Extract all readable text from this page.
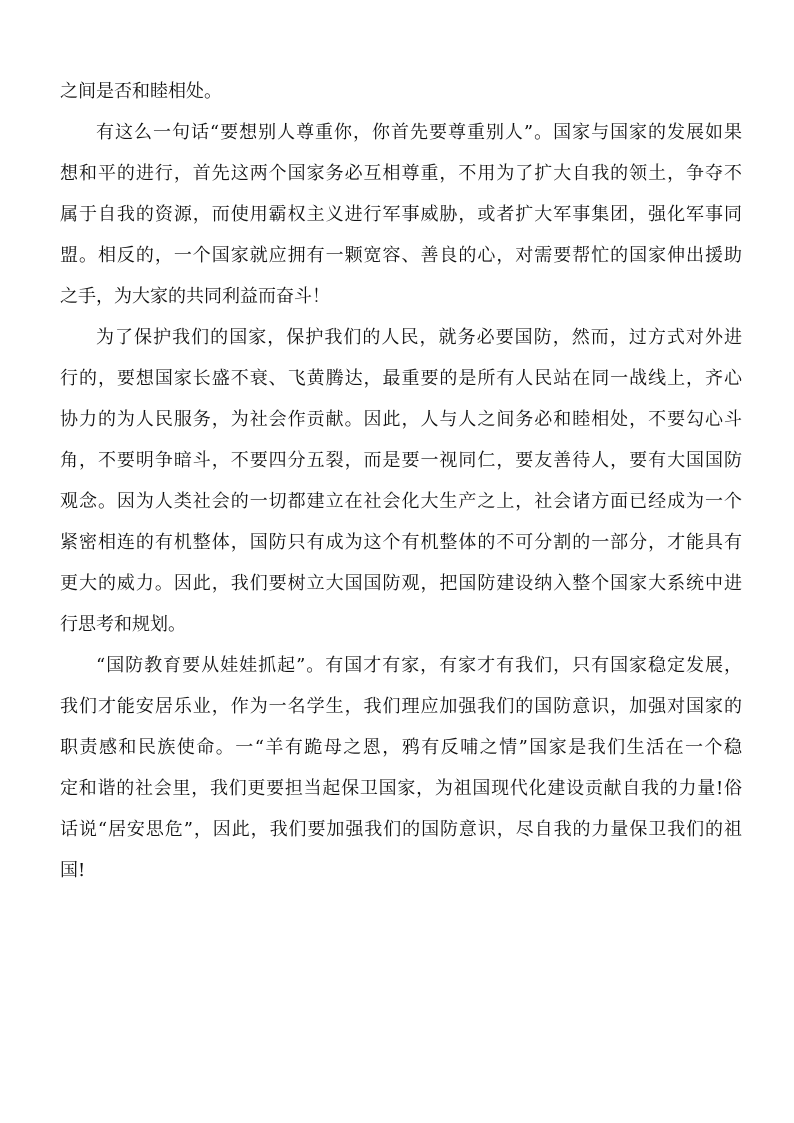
之间是否和睦相处。
有这么一句话“要想别人尊重你，你首先要尊重别人”。国家与国家的发展如果
想和平的进行，首先这两个国家务必互相尊重，不用为了扩大自我的领土，争夺不
属于自我的资源，而使用霸权主义进行军事威胁，或者扩大军事集团，强化军事同
盟。相反的，一个国家就应拥有一颗宽容、善良的心，对需要帮忙的国家伸出援助
之手，为大家的共同利益而奋斗！
为了保护我们的国家，保护我们的人民，就务必要国防，然而，过方式对外进
行的，要想国家长盛不衰、飞黄腾达，最重要的是所有人民站在同一战线上，齐心
协力的为人民服务，为社会作贡献。因此，人与人之间务必和睦相处，不要勾心斗
角，不要明争暗斗，不要四分五裂，而是要一视同仁，要友善待人，要有大国国防
观念。因为人类社会的一切都建立在社会化大生产之上，社会诸方面已经成为一个
紧密相连的有机整体，国防只有成为这个有机整体的不可分割的一部分，才能具有
更大的威力。因此，我们要树立大国国防观，把国防建设纳入整个国家大系统中进
行思考和规划。
“国防教育要从娃娃抓起”。有国才有家，有家才有我们，只有国家稳定发展，
我们才能安居乐业，作为一名学生，我们理应加强我们的国防意识，加强对国家的
职责感和民族使命。一“羊有跪母之恩，鸦有反哺之情”国家是我们生活在一个稳
定和谐的社会里，我们更要担当起保卫国家，为祖国现代化建设贡献自我的力量!俗
话说“居安思危”，因此，我们要加强我们的国防意识，尽自我的力量保卫我们的祖
国!
